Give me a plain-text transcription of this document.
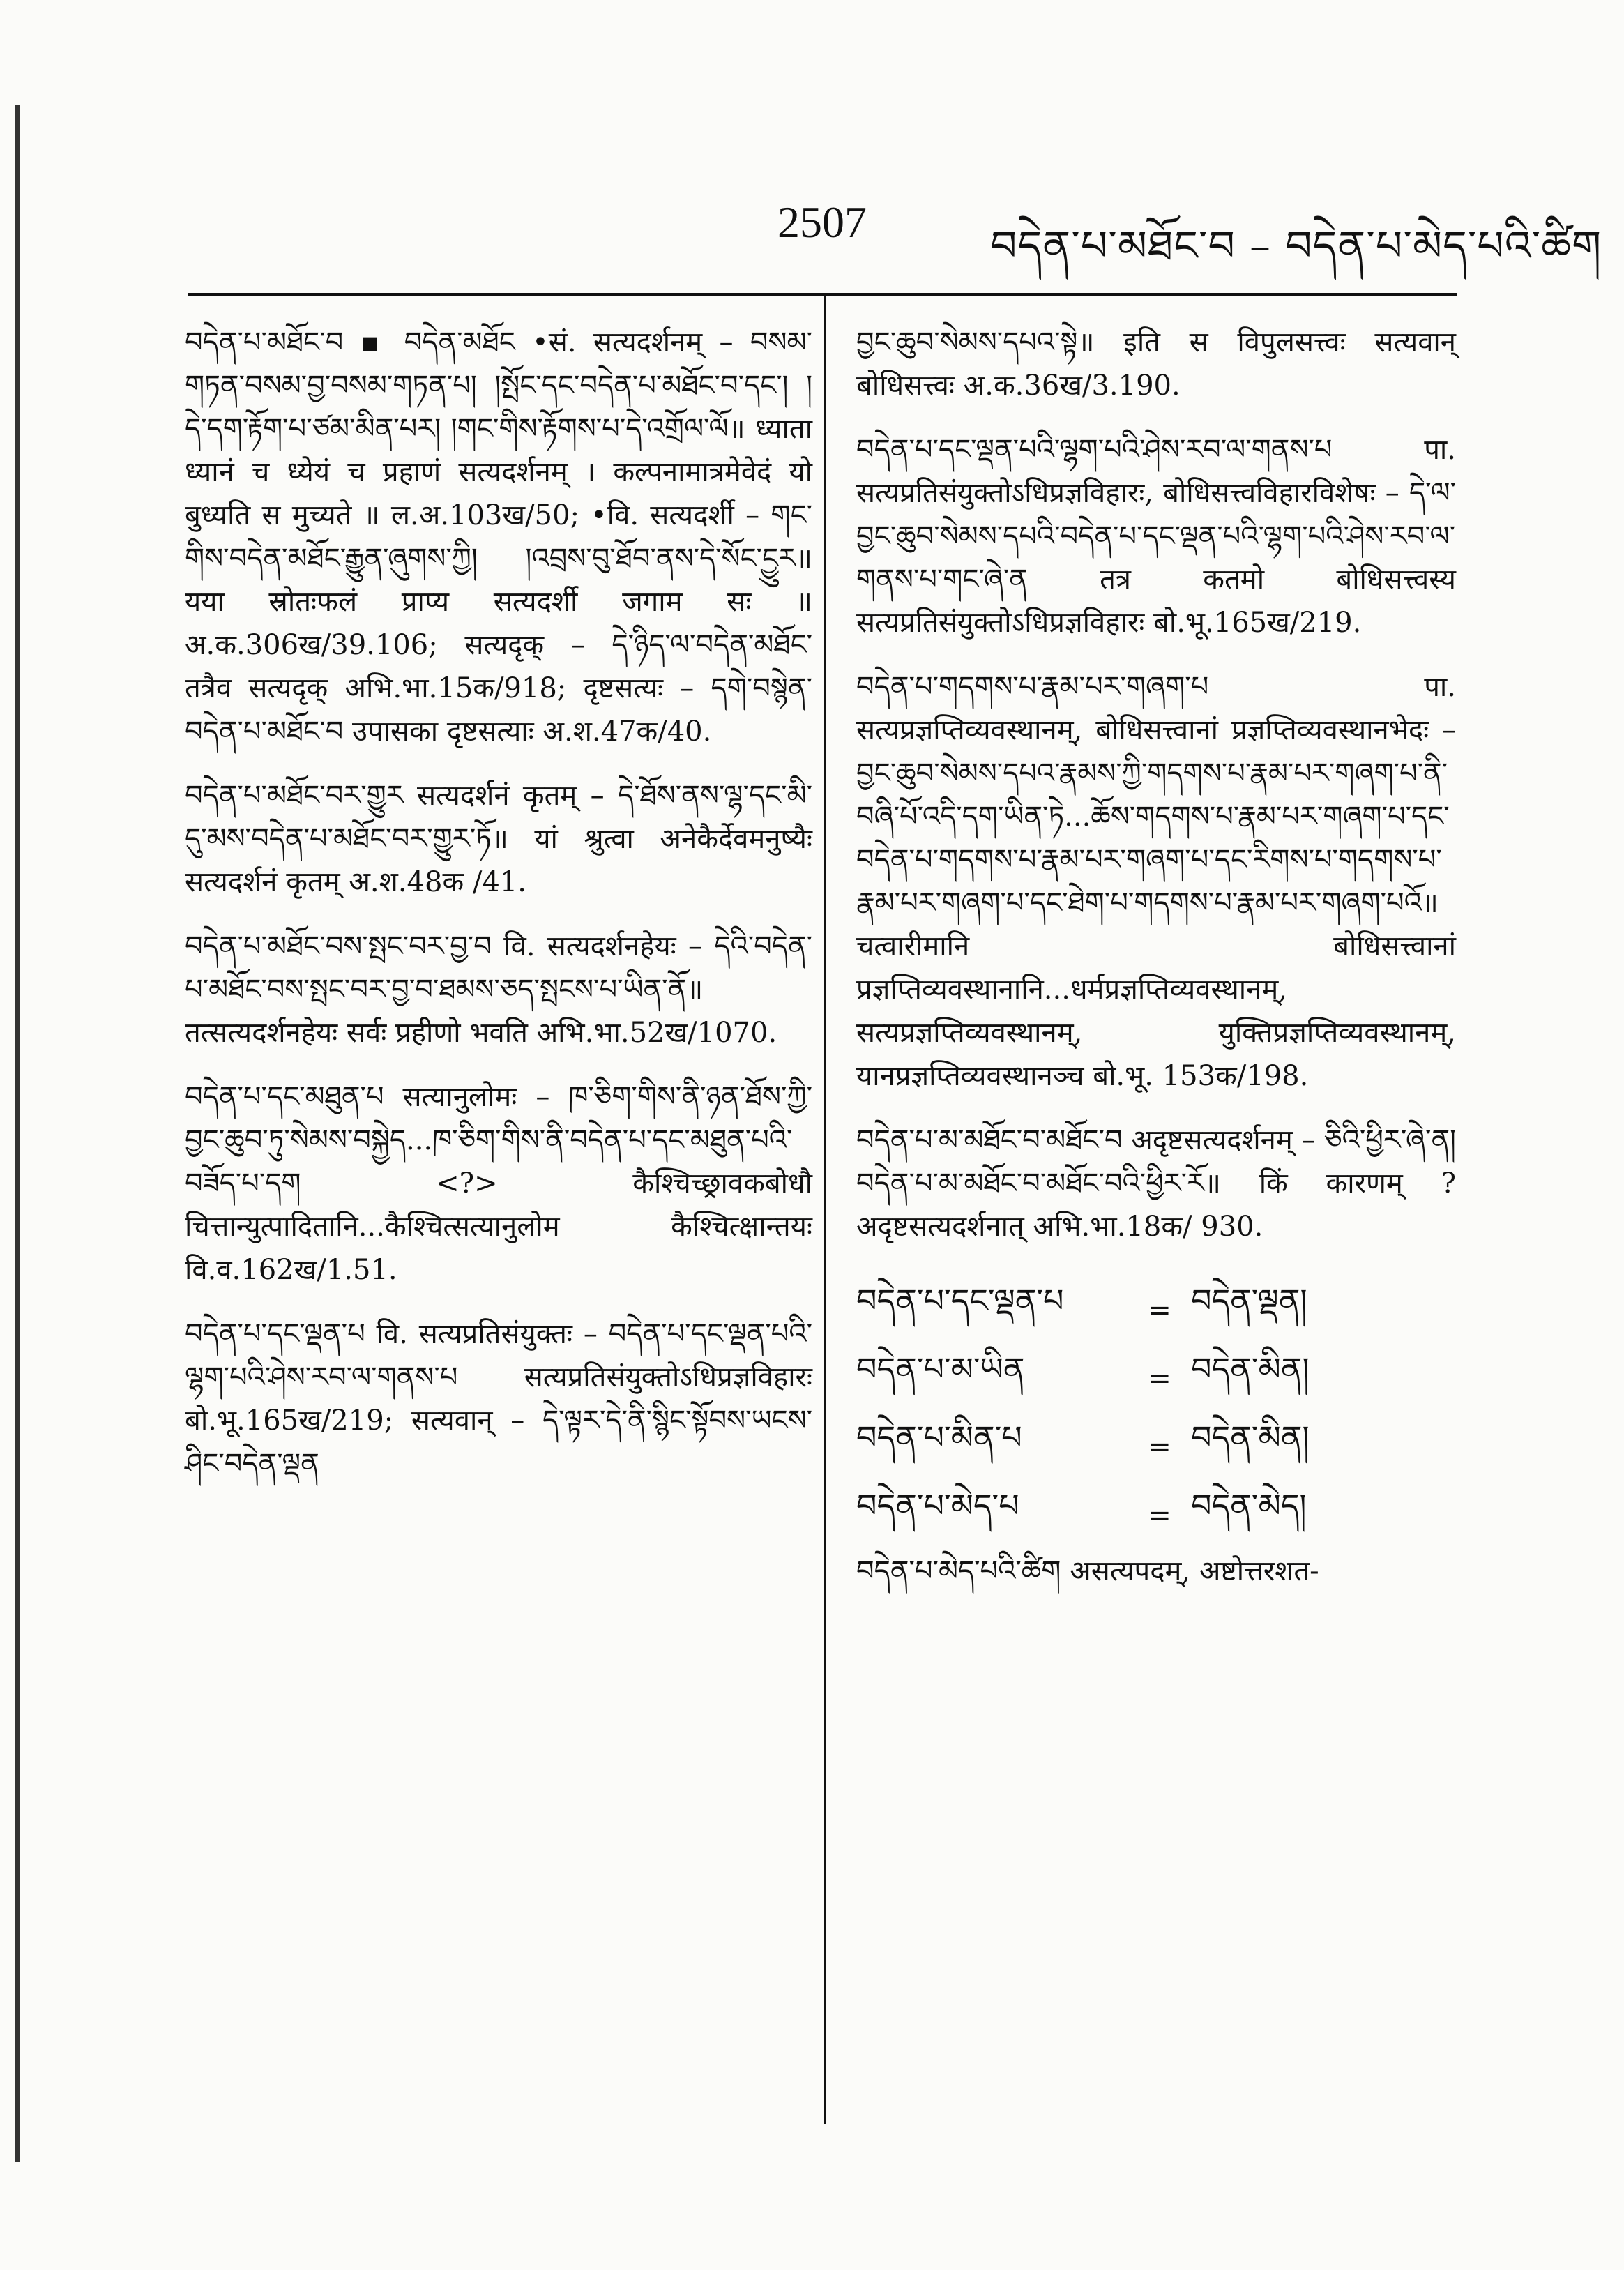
2507	བདེན་པ་མཐོང་བ – བདེན་པ་མེད་པའི་ཚིག

བདེན་པ་མཐོང་བ ▪ བདེན་མཐོང •सं. सत्यदर्शनम् – བསམ་གཏན་བསམ་བྱ་བསམ་གཏན་པ། །སྤོང་དང་བདེན་པ་མཐོང་བ་དང་། །དེ་དག་རྟོག་པ་ཙམ་མིན་པར། །གང་གིས་རྟོགས་པ་དེ་འགྲོལ་ལོ॥ ध्याता ध्यानं च ध्येयं च प्रहाणं सत्यदर्शनम् । कल्पनामात्रमेवेदं यो बुध्यति स मुच्यते ॥ ल.अ.103ख/50; •वि. सत्यदर्शी – གང་གིས་བདེན་མཐོང་རྒྱུན་ཞུགས་ཀྱི། །འབྲས་བུ་ཐོབ་ནས་དེ་སོང་ངྱུར॥ यया स्रोतःफलं प्राप्य सत्यदर्शी जगाम सः ॥ अ.क.306ख/39.106; सत्यदृक् – དེ་ཉིད་ལ་བདེན་མཐོང་ तत्रैव सत्यदृक् अभि.भा.15क/918; दृष्टसत्यः – དགེ་བསྙེན་བདེན་པ་མཐོང་བ उपासका दृष्टसत्याः अ.श.47क/40.

བདེན་པ་མཐོང་བར་གྱུར सत्यदर्शनं कृतम् – དེ་ཐོས་ནས་ལྷ་དང་མི་དུ་མས་བདེན་པ་མཐོང་བར་གྱུར་ཏོ॥ यां श्रुत्वा अनेकैर्देवमनुष्यैः सत्यदर्शनं कृतम् अ.श.48क /41.

བདེན་པ་མཐོང་བས་སྤང་བར་བྱ་བ वि. सत्यदर्शनहेयः – དེའི་བདེན་པ་མཐོང་བས་སྤང་བར་བྱ་བ་ཐམས་ཅད་སྤངས་པ་ཡིན་ནོ॥ तत्सत्यदर्शनहेयः सर्वः प्रहीणो भवति अभि.भा.52ख/1070.

བདེན་པ་དང་མཐུན་པ सत्यानुलोमः – ཁ་ཅིག་གིས་ནི་ཉན་ཐོས་ཀྱི་བྱང་ཆུབ་ཏུ་སེམས་བསྐྱེད...ཁ་ཅིག་གིས་ནི་བདེན་པ་དང་མཐུན་པའི་བཟོད་པ་དག <?> कैश्चिच्छ्रावकबोधौ चित्तान्युत्पादितानि...कैश्चित्सत्यानुलोम कैश्चित्क्षान्तयः वि.व.162ख/1.51.

བདེན་པ་དང་ལྡན་པ वि. सत्यप्रतिसंयुक्तः – བདེན་པ་དང་ལྡན་པའི་ལྷག་པའི་ཤེས་རབ་ལ་གནས་པ सत्यप्रतिसंयुक्तोऽधिप्रज्ञविहारः बो.भू.165ख/219; सत्यवान् – དེ་ལྟར་དེ་ནི་སྙིང་སྟོབས་ཡངས་ཤིང་བདེན་ལྡན

བྱང་ཆུབ་སེམས་དཔའ་སྟེ॥ इति स विपुलसत्त्वः सत्यवान् बोधिसत्त्वः अ.क.36ख/3.190.

བདེན་པ་དང་ལྡན་པའི་ལྷག་པའི་ཤེས་རབ་ལ་གནས་པ पा. सत्यप्रतिसंयुक्तोऽधिप्रज्ञविहारः, बोधिसत्त्वविहारविशेषः – དེ་ལ་བྱང་ཆུབ་སེམས་དཔའི་བདེན་པ་དང་ལྡན་པའི་ལྷག་པའི་ཤེས་རབ་ལ་གནས་པ་གང་ཞེ་ན तत्र कतमो बोधिसत्त्वस्य सत्यप्रतिसंयुक्तोऽधिप्रज्ञविहारः बो.भू.165ख/219.

བདེན་པ་གདགས་པ་རྣམ་པར་གཞག་པ पा. सत्यप्रज्ञप्तिव्यवस्थानम्, बोधिसत्त्वानां प्रज्ञप्तिव्यवस्थानभेदः – བྱང་ཆུབ་སེམས་དཔའ་རྣམས་ཀྱི་གདགས་པ་རྣམ་པར་གཞག་པ་ནི་བཞི་པོ་འདི་དག་ཡིན་ཏེ...ཆོས་གདགས་པ་རྣམ་པར་གཞག་པ་དང་བདེན་པ་གདགས་པ་རྣམ་པར་གཞག་པ་དང་རིགས་པ་གདགས་པ་རྣམ་པར་གཞག་པ་དང་ཐེག་པ་གདགས་པ་རྣམ་པར་གཞག་པའོ॥ चत्वारीमानि बोधिसत्त्वानां प्रज्ञप्तिव्यवस्थानानि...धर्मप्रज्ञप्तिव्यवस्थानम्, सत्यप्रज्ञप्तिव्यवस्थानम्, युक्तिप्रज्ञप्तिव्यवस्थानम्, यानप्रज्ञप्तिव्यवस्थानञ्च बो.भू. 153क/198.

བདེན་པ་མ་མཐོང་བ་མཐོང་བ अदृष्टसत्यदर्शनम् – ཅིའི་ཕྱིར་ཞེ་ན། བདེན་པ་མ་མཐོང་བ་མཐོང་བའི་ཕྱིར་རོ॥ किं कारणम् ? अदृष्टसत्यदर्शनात् अभि.भा.18क/ 930.

བདེན་པ་དང་ལྡན་པ	= བདེན་ལྡན།
བདེན་པ་མ་ཡིན	= བདེན་མིན།
བདེན་པ་མིན་པ	= བདེན་མིན།
བདེན་པ་མེད་པ	= བདེན་མེད།

བདེན་པ་མེད་པའི་ཚིག असत्यपदम्, अष्टोत्तरशत-
